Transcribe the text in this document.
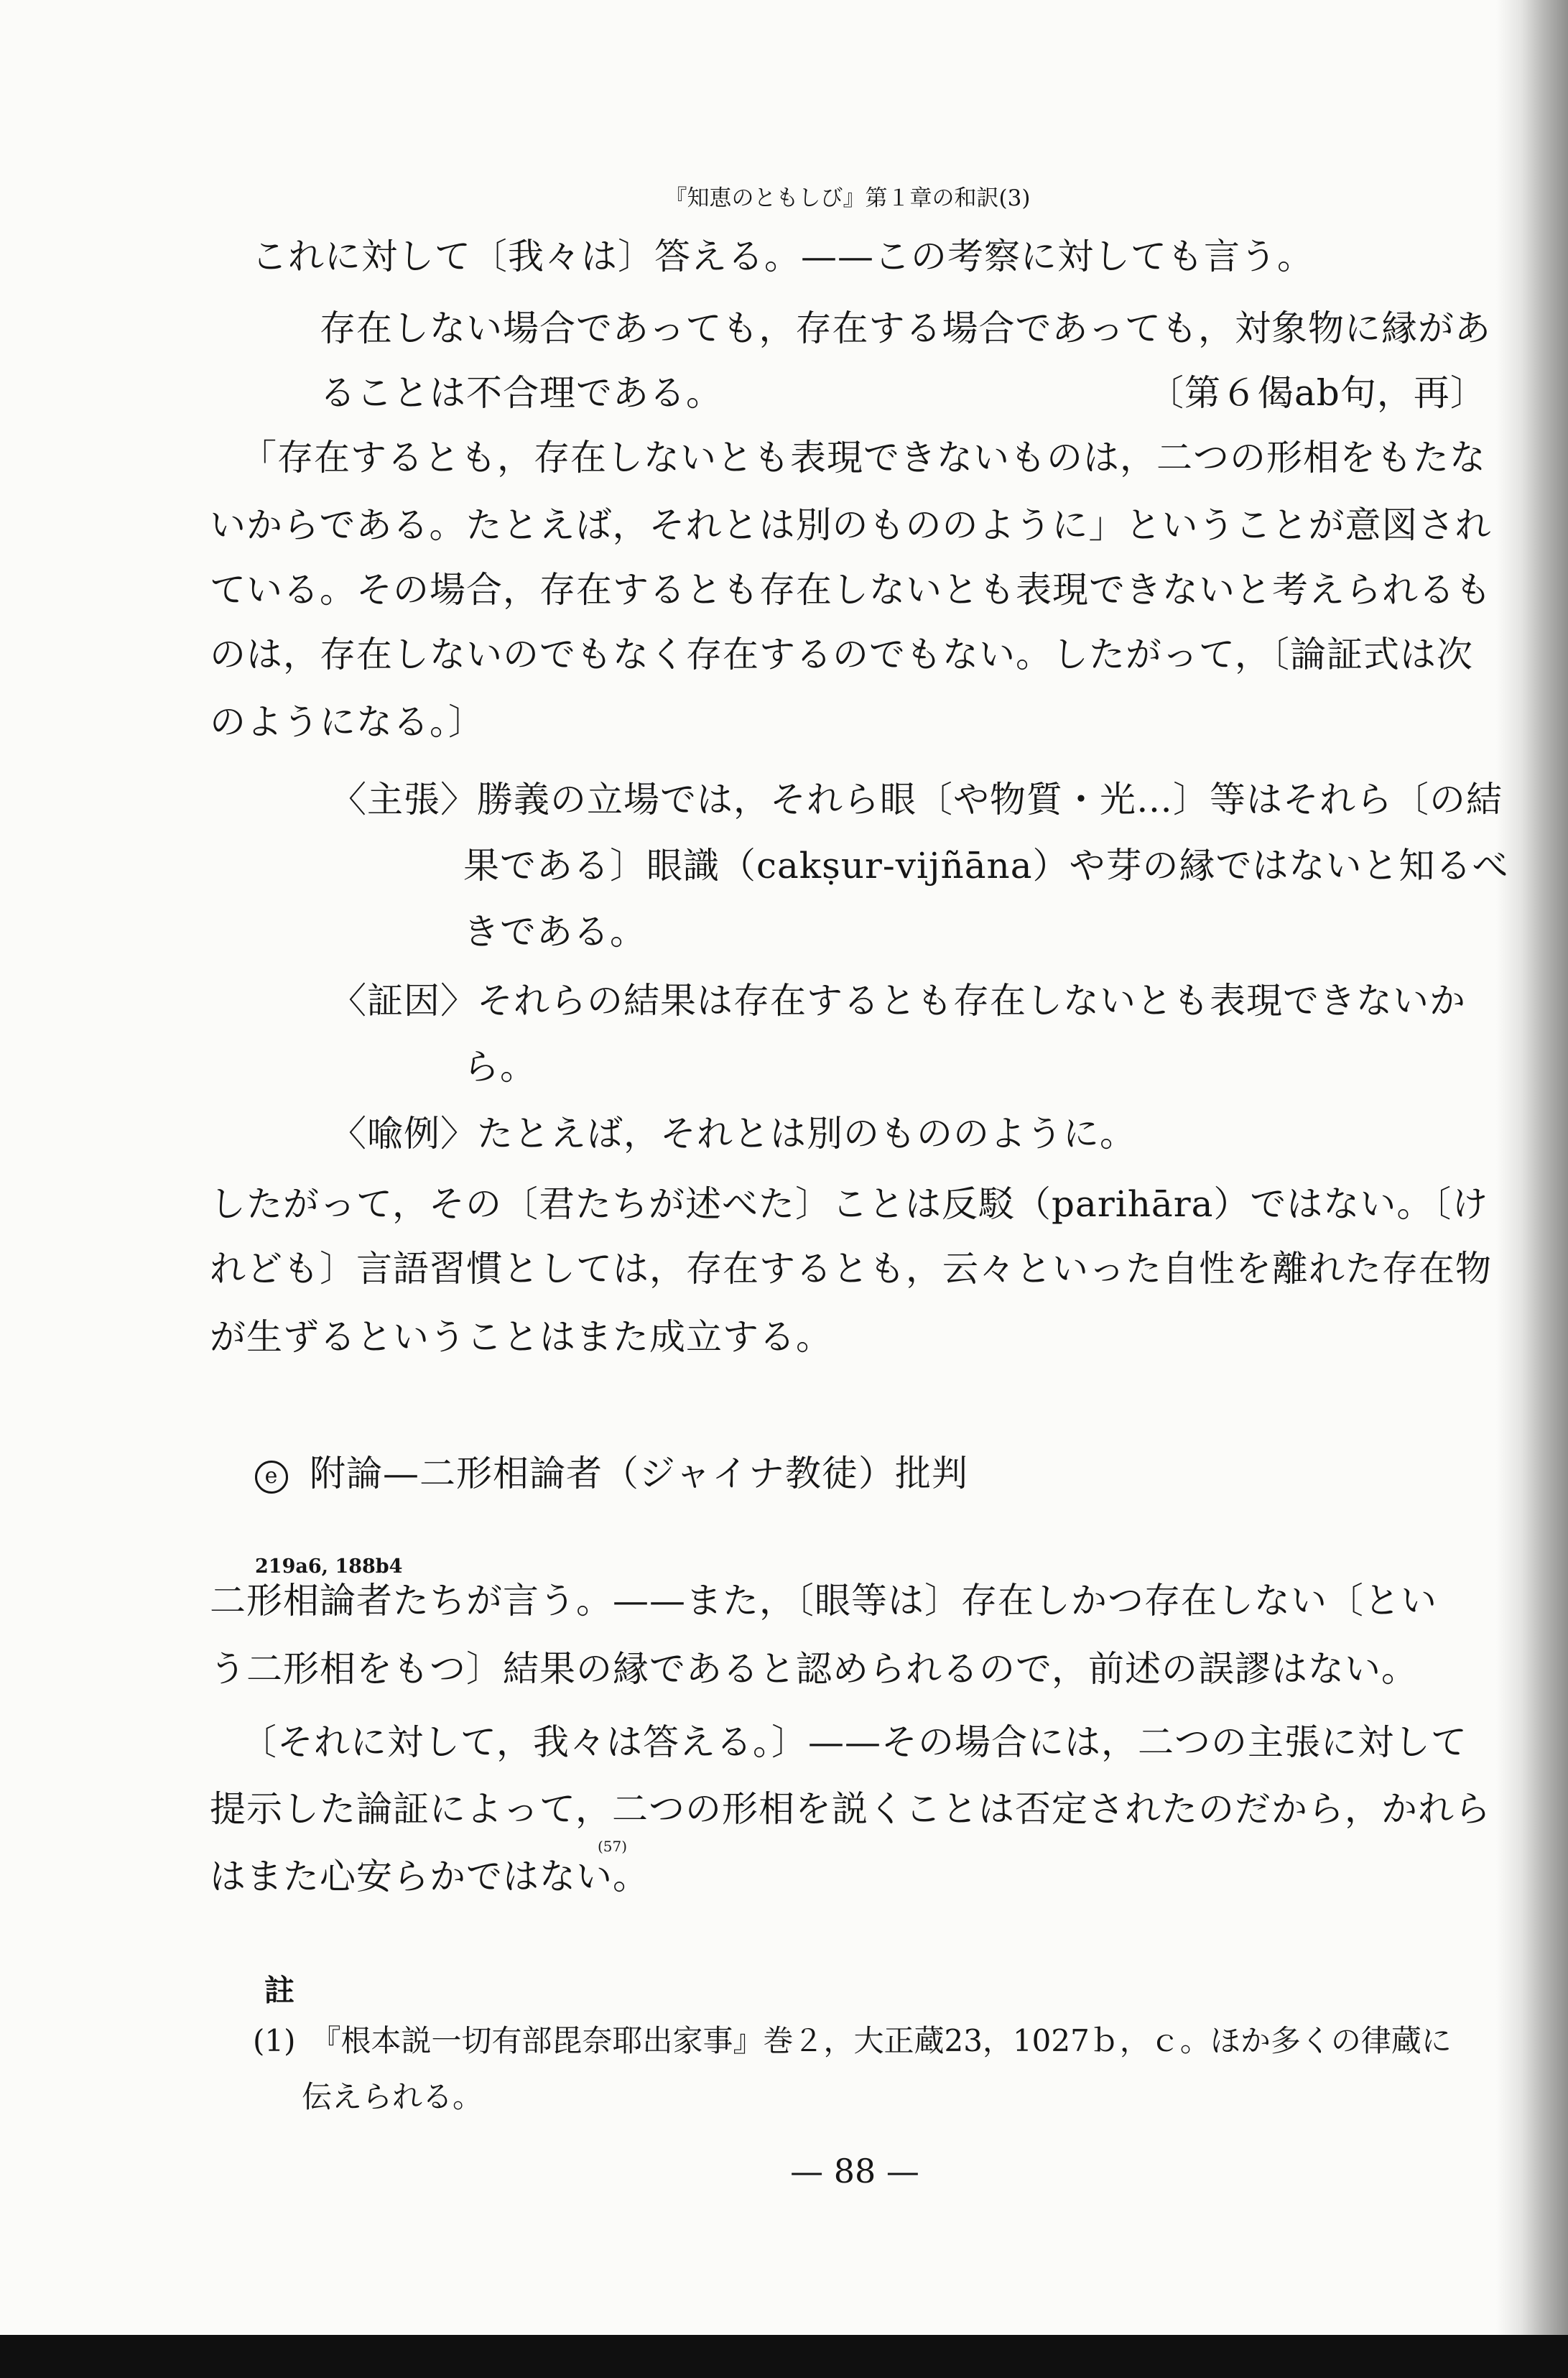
『知恵のともしび』第１章の和訳(3)
これに対して〔我々は〕答える。——この考察に対しても言う。
存在しない場合であっても，存在する場合であっても，対象物に縁があ
ることは不合理である。	〔第６偈ab句，再〕
「存在するとも，存在しないとも表現できないものは，二つの形相をもたな
いからである。たとえば，それとは別のもののように」ということが意図され
ている。その場合，存在するとも存在しないとも表現できないと考えられるも
のは，存在しないのでもなく存在するのでもない。したがって，〔論証式は次
のようになる。〕
〈主張〉勝義の立場では，それら眼〔や物質・光…〕等はそれら〔の結
果である〕眼識（cakṣur-vijñāna）や芽の縁ではないと知るべ
きである。
〈証因〉それらの結果は存在するとも存在しないとも表現できないか
ら。
〈喩例〉たとえば，それとは別のもののように。
したがって，その〔君たちが述べた〕ことは反駁（parihāra）ではない。〔け
れども〕言語習慣としては，存在するとも，云々といった自性を離れた存在物
が生ずるということはまた成立する。
e 附論—二形相論者（ジャイナ教徒）批判
219a6, 188b4
二形相論者たちが言う。——また，〔眼等は〕存在しかつ存在しない〔とい
う二形相をもつ〕結果の縁であると認められるので，前述の誤謬はない。
〔それに対して，我々は答える。〕——その場合には，二つの主張に対して
提示した論証によって，二つの形相を説くことは否定されたのだから，かれら
はまた心安らかではない。
(57)
註
(1)　『根本説一切有部毘奈耶出家事』巻２，大正蔵23，1027ｂ，ｃ。ほか多くの律蔵に
伝えられる。
— 88 —
